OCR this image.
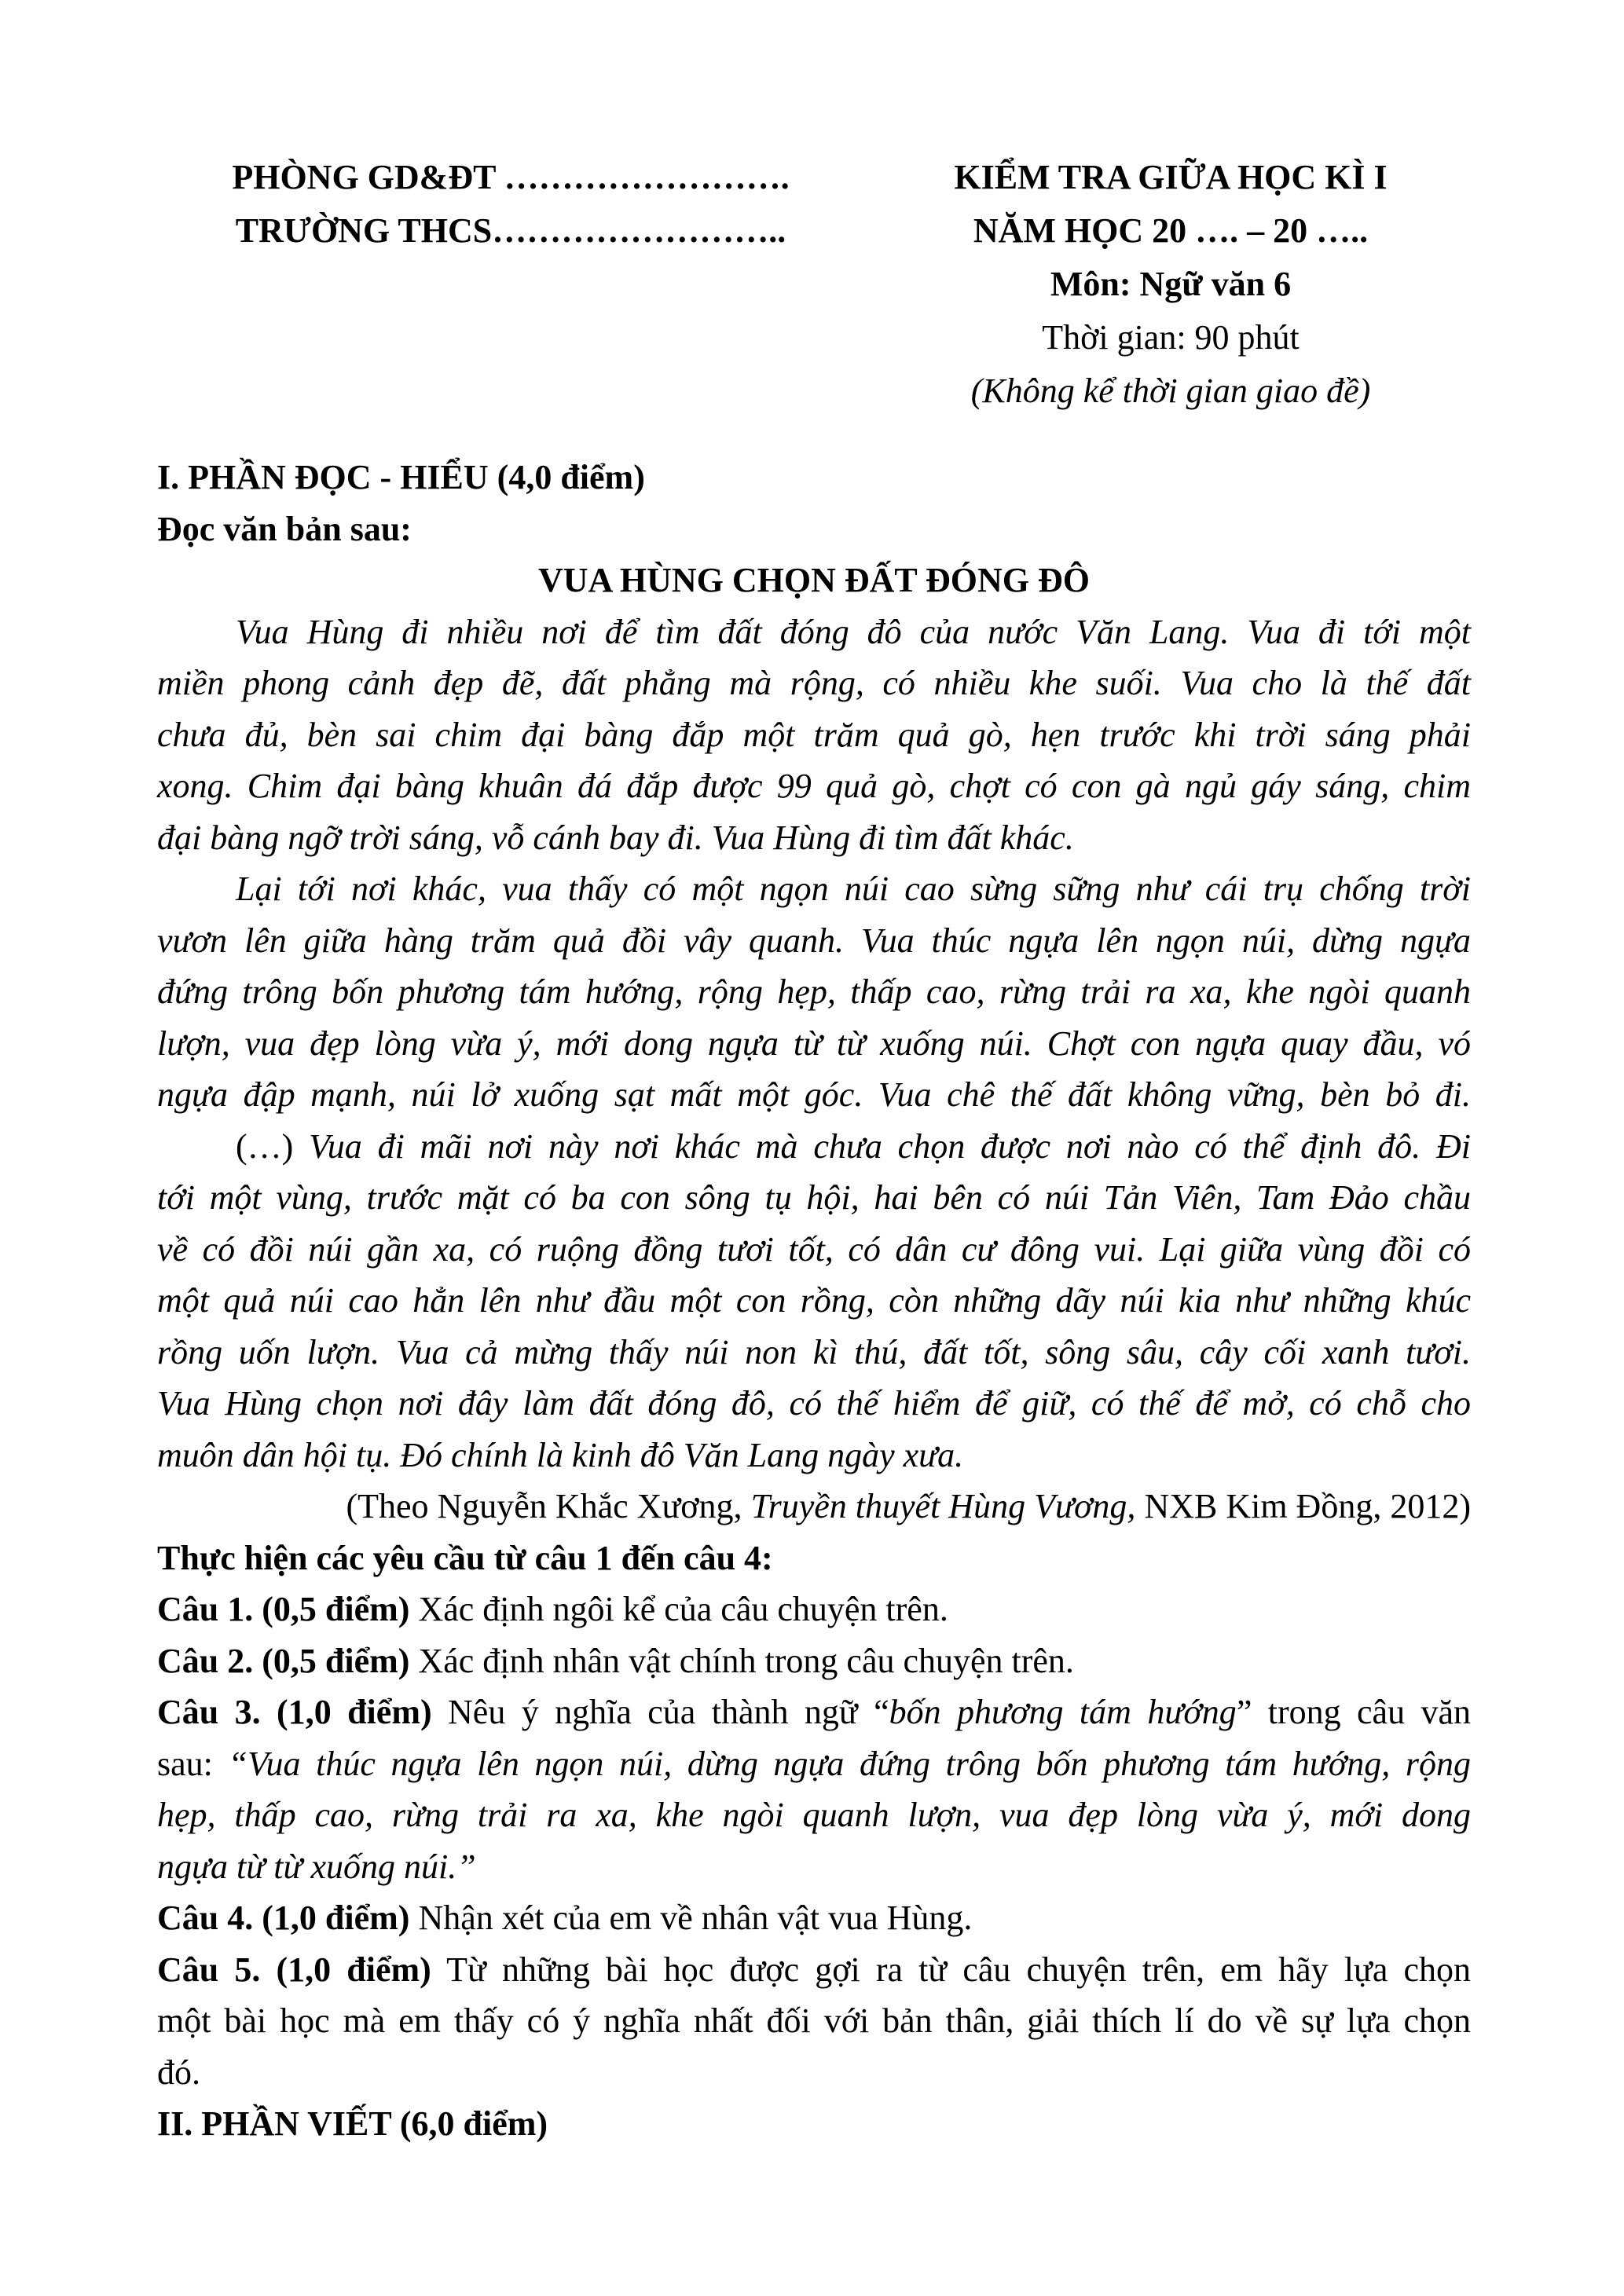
PHÒNG GD&ĐT …………………….
TRƯỜNG THCS……………………..
KIỂM TRA GIỮA HỌC KÌ I
NĂM HỌC 20 …. – 20 …..
Môn: Ngữ văn 6
Thời gian: 90 phút
(Không kể thời gian giao đề)
I. PHẦN ĐỌC - HIỂU (4,0 điểm)
Đọc văn bản sau:
VUA HÙNG CHỌN ĐẤT ĐÓNG ĐÔ
Vua Hùng đi nhiều nơi để tìm đất đóng đô của nước Văn Lang. Vua đi tới một
miền phong cảnh đẹp đẽ, đất phẳng mà rộng, có nhiều khe suối. Vua cho là thế đất
chưa đủ, bèn sai chim đại bàng đắp một trăm quả gò, hẹn trước khi trời sáng phải
xong. Chim đại bàng khuân đá đắp được 99 quả gò, chợt có con gà ngủ gáy sáng, chim
đại bàng ngỡ trời sáng, vỗ cánh bay đi. Vua Hùng đi tìm đất khác.
Lại tới nơi khác, vua thấy có một ngọn núi cao sừng sững như cái trụ chống trời
vươn lên giữa hàng trăm quả đồi vây quanh. Vua thúc ngựa lên ngọn núi, dừng ngựa
đứng trông bốn phương tám hướng, rộng hẹp, thấp cao, rừng trải ra xa, khe ngòi quanh
lượn, vua đẹp lòng vừa ý, mới dong ngựa từ từ xuống núi. Chợt con ngựa quay đầu, vó
ngựa đập mạnh, núi lở xuống sạt mất một góc. Vua chê thế đất không vững, bèn bỏ đi.
(…) Vua đi mãi nơi này nơi khác mà chưa chọn được nơi nào có thể định đô. Đi
tới một vùng, trước mặt có ba con sông tụ hội, hai bên có núi Tản Viên, Tam Đảo chầu
về có đồi núi gần xa, có ruộng đồng tươi tốt, có dân cư đông vui. Lại giữa vùng đồi có
một quả núi cao hẳn lên như đầu một con rồng, còn những dãy núi kia như những khúc
rồng uốn lượn. Vua cả mừng thấy núi non kì thú, đất tốt, sông sâu, cây cối xanh tươi.
Vua Hùng chọn nơi đây làm đất đóng đô, có thế hiểm để giữ, có thế để mở, có chỗ cho
muôn dân hội tụ. Đó chính là kinh đô Văn Lang ngày xưa.
(Theo Nguyễn Khắc Xương, Truyền thuyết Hùng Vương, NXB Kim Đồng, 2012)
Thực hiện các yêu cầu từ câu 1 đến câu 4:
Câu 1. (0,5 điểm) Xác định ngôi kể của câu chuyện trên.
Câu 2. (0,5 điểm) Xác định nhân vật chính trong câu chuyện trên.
Câu 3. (1,0 điểm) Nêu ý nghĩa của thành ngữ “bốn phương tám hướng” trong câu văn
sau: “Vua thúc ngựa lên ngọn núi, dừng ngựa đứng trông bốn phương tám hướng, rộng
hẹp, thấp cao, rừng trải ra xa, khe ngòi quanh lượn, vua đẹp lòng vừa ý, mới dong
ngựa từ từ xuống núi.”
Câu 4. (1,0 điểm) Nhận xét của em về nhân vật vua Hùng.
Câu 5. (1,0 điểm) Từ những bài học được gợi ra từ câu chuyện trên, em hãy lựa chọn
một bài học mà em thấy có ý nghĩa nhất đối với bản thân, giải thích lí do về sự lựa chọn
đó.
II. PHẦN VIẾT (6,0 điểm)
